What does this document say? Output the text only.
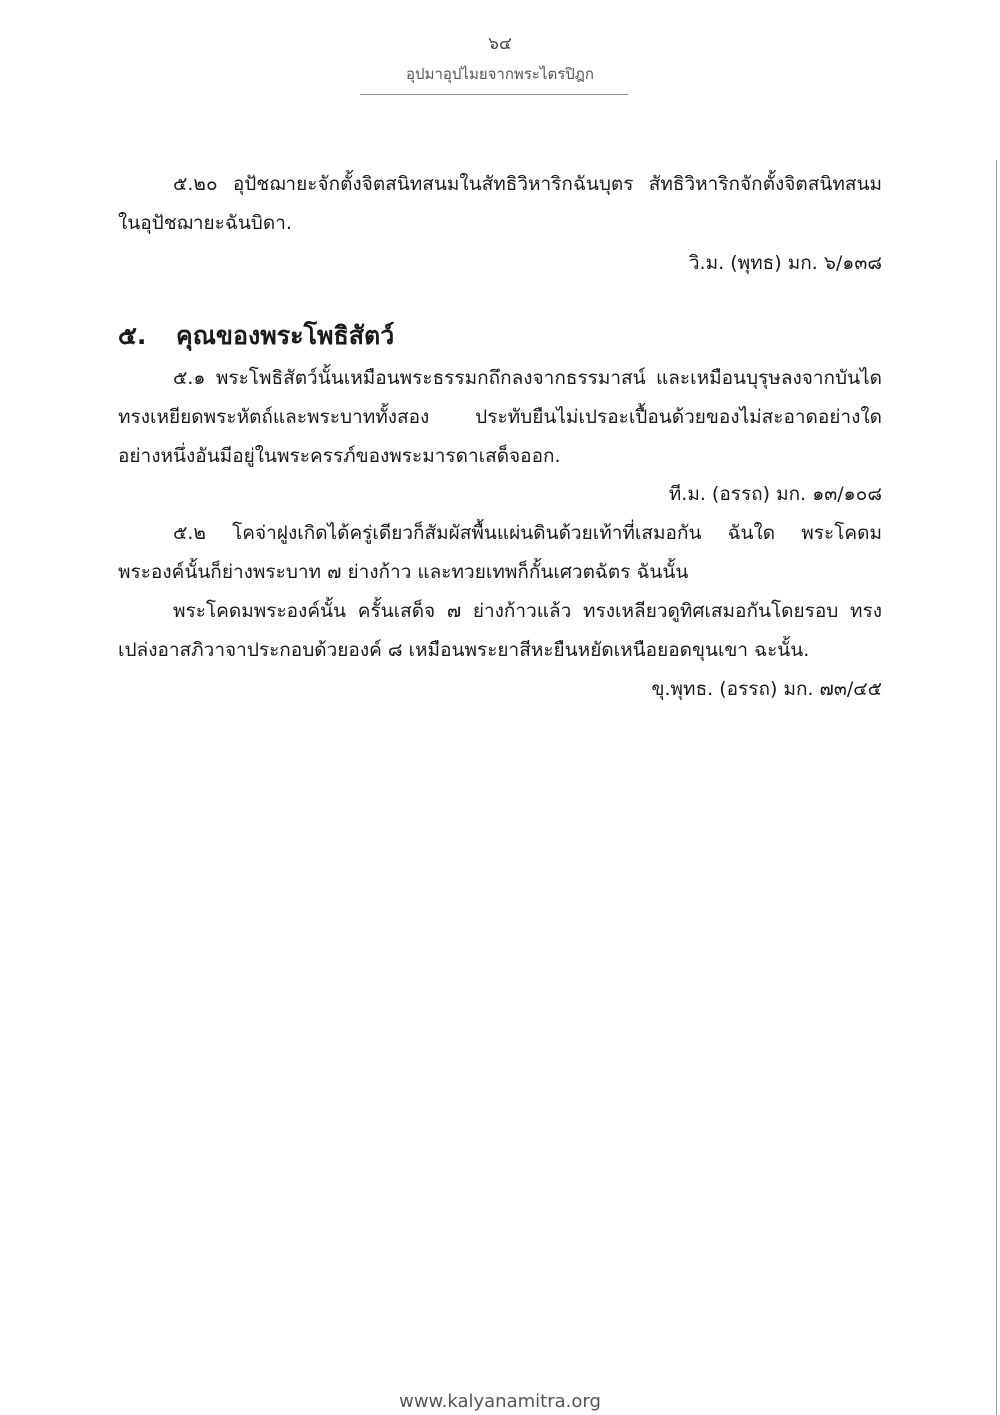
๖๔
อุปมาอุปไมยจากพระไตรปิฎก

๕.๒๐ อุปัชฌายะจักตั้งจิตสนิทสนมในสัทธิวิหาริกฉันบุตร สัทธิวิหาริกจักตั้งจิตสนิทสนมในอุปัชฌายะฉันบิดา.

วิ.ม. (พุทธ) มก. ๖/๑๓๘

๕. คุณของพระโพธิสัตว์

๕.๑ พระโพธิสัตว์นั้นเหมือนพระธรรมกถึกลงจากธรรมาสน์ และเหมือนบุรุษลงจากบันไดทรงเหยียดพระหัตถ์และพระบาททั้งสอง ประทับยืนไม่เปรอะเปื้อนด้วยของไม่สะอาดอย่างใดอย่างหนึ่งอันมีอยู่ในพระครรภ์ของพระมารดาเสด็จออก.

ที.ม. (อรรถ) มก. ๑๓/๑๐๘

๕.๒ โคจ่าฝูงเกิดได้ครู่เดียวก็สัมผัสพื้นแผ่นดินด้วยเท้าที่เสมอกัน ฉันใด พระโคดมพระองค์นั้นก็ย่างพระบาท ๗ ย่างก้าว และทวยเทพก็กั้นเศวตฉัตร ฉันนั้น

พระโคดมพระองค์นั้น ครั้นเสด็จ ๗ ย่างก้าวแล้ว ทรงเหลียวดูทิศเสมอกันโดยรอบ ทรงเปล่งอาสภิวาจาประกอบด้วยองค์ ๘ เหมือนพระยาสีหะยืนหยัดเหนือยอดขุนเขา ฉะนั้น.

ขุ.พุทธ. (อรรถ) มก. ๗๓/๔๕

www.kalyanamitra.org
